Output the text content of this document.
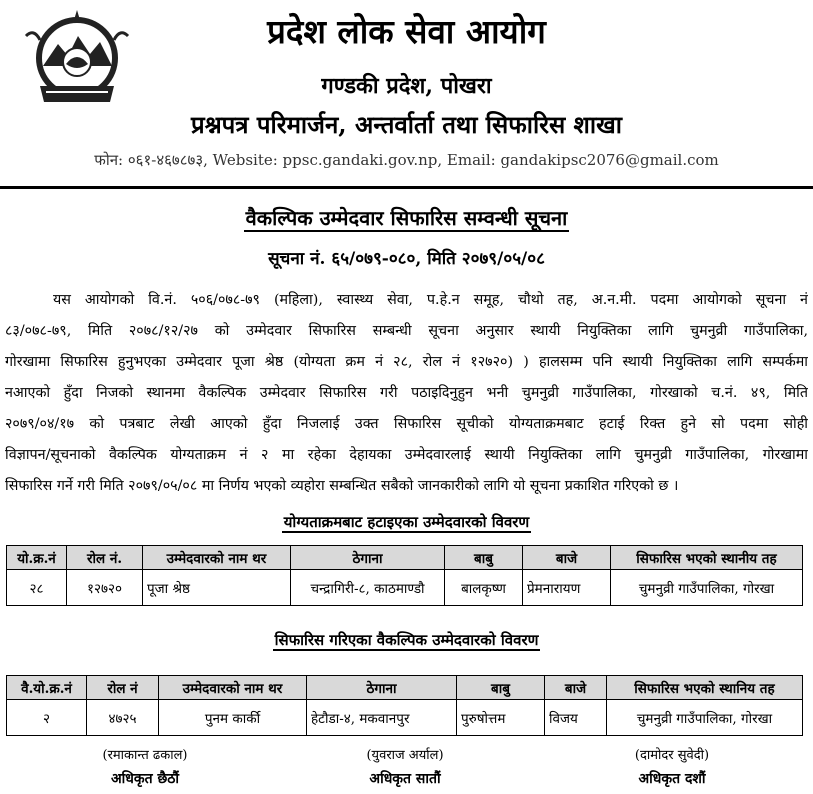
प्रदेश लोक सेवा आयोग
गण्डकी प्रदेश, पोखरा
प्रश्नपत्र परिमार्जन, अन्तर्वार्ता तथा सिफारिस शाखा
फोन: ०६१-४६७८७३, Website: ppsc.gandaki.gov.np, Email: gandakipsc2076@gmail.com
वैकल्पिक उम्मेदवार सिफारिस सम्वन्धी सूचना
सूचना नं. ६५/०७९-०८०, मिति २०७९/०५/०८
यस आयोगको वि.नं. ५०६/०७८-७९ (महिला), स्वास्थ्य सेवा, प.हे.न समूह, चौथो तह, अ.न.मी. पदमा आयोगको सूचना नं
८३/०७८-७९, मिति २०७८/१२/२७ को उम्मेदवार सिफारिस सम्बन्धी सूचना अनुसार स्थायी नियुक्तिका लागि चुमनुव्री गाउँपालिका,
गोरखामा सिफारिस हुनुभएका उम्मेदवार पूजा श्रेष्ठ (योग्यता क्रम नं २८, रोल नं १२७२०) ) हालसम्म पनि स्थायी नियुक्तिका लागि सम्पर्कमा
नआएको हुँदा निजको स्थानमा वैकल्पिक उम्मेदवार सिफारिस गरी पठाइदिनुहुन भनी चुमनुव्री गाउँपालिका, गोरखाको च.नं. ४९, मिति
२०७९/०४/१७ को पत्रबाट लेखी आएको हुँदा निजलाई उक्त सिफारिस सूचीको योग्यताक्रमबाट हटाई रिक्त हुने सो पदमा सोही
विज्ञापन/सूचनाको वैकल्पिक योग्यताक्रम नं २ मा रहेका देहायका उम्मेदवारलाई स्थायी नियुक्तिका लागि चुमनुव्री गाउँपालिका, गोरखामा
सिफारिस गर्ने गरी मिति २०७९/०५/०८ मा निर्णय भएको व्यहोरा सम्बन्धित सबैको जानकारीको लागि यो सूचना प्रकाशित गरिएको छ ।
योग्यताक्रमबाट हटाइएका उम्मेदवारको विवरण
यो.क्र.नं	रोल नं.	उम्मेदवारको नाम थर	ठेगाना	बाबु	बाजे	सिफारिस भएको स्थानीय तह
२८	१२७२०	पूजा श्रेष्ठ	चन्द्रागिरी-८, काठमाण्डौ	बालकृष्ण	प्रेमनारायण	चुमनुव्री गाउँपालिका, गोरखा
सिफारिस गरिएका वैकल्पिक उम्मेदवारको विवरण
वै.यो.क्र.नं	रोल नं	उम्मेदवारको नाम थर	ठेगाना	बाबु	बाजे	सिफारिस भएको स्थानिय तह
२	४७२५	पुनम कार्की	हेटौडा-४, मकवानपुर	पुरुषोत्तम	विजय	चुमनुव्री गाउँपालिका, गोरखा
(रमाकान्त ढकाल)
अधिकृत छैठौं
(युवराज अर्याल)
अधिकृत सातौं
(दामोदर सुवेदी)
अधिकृत दशौं
